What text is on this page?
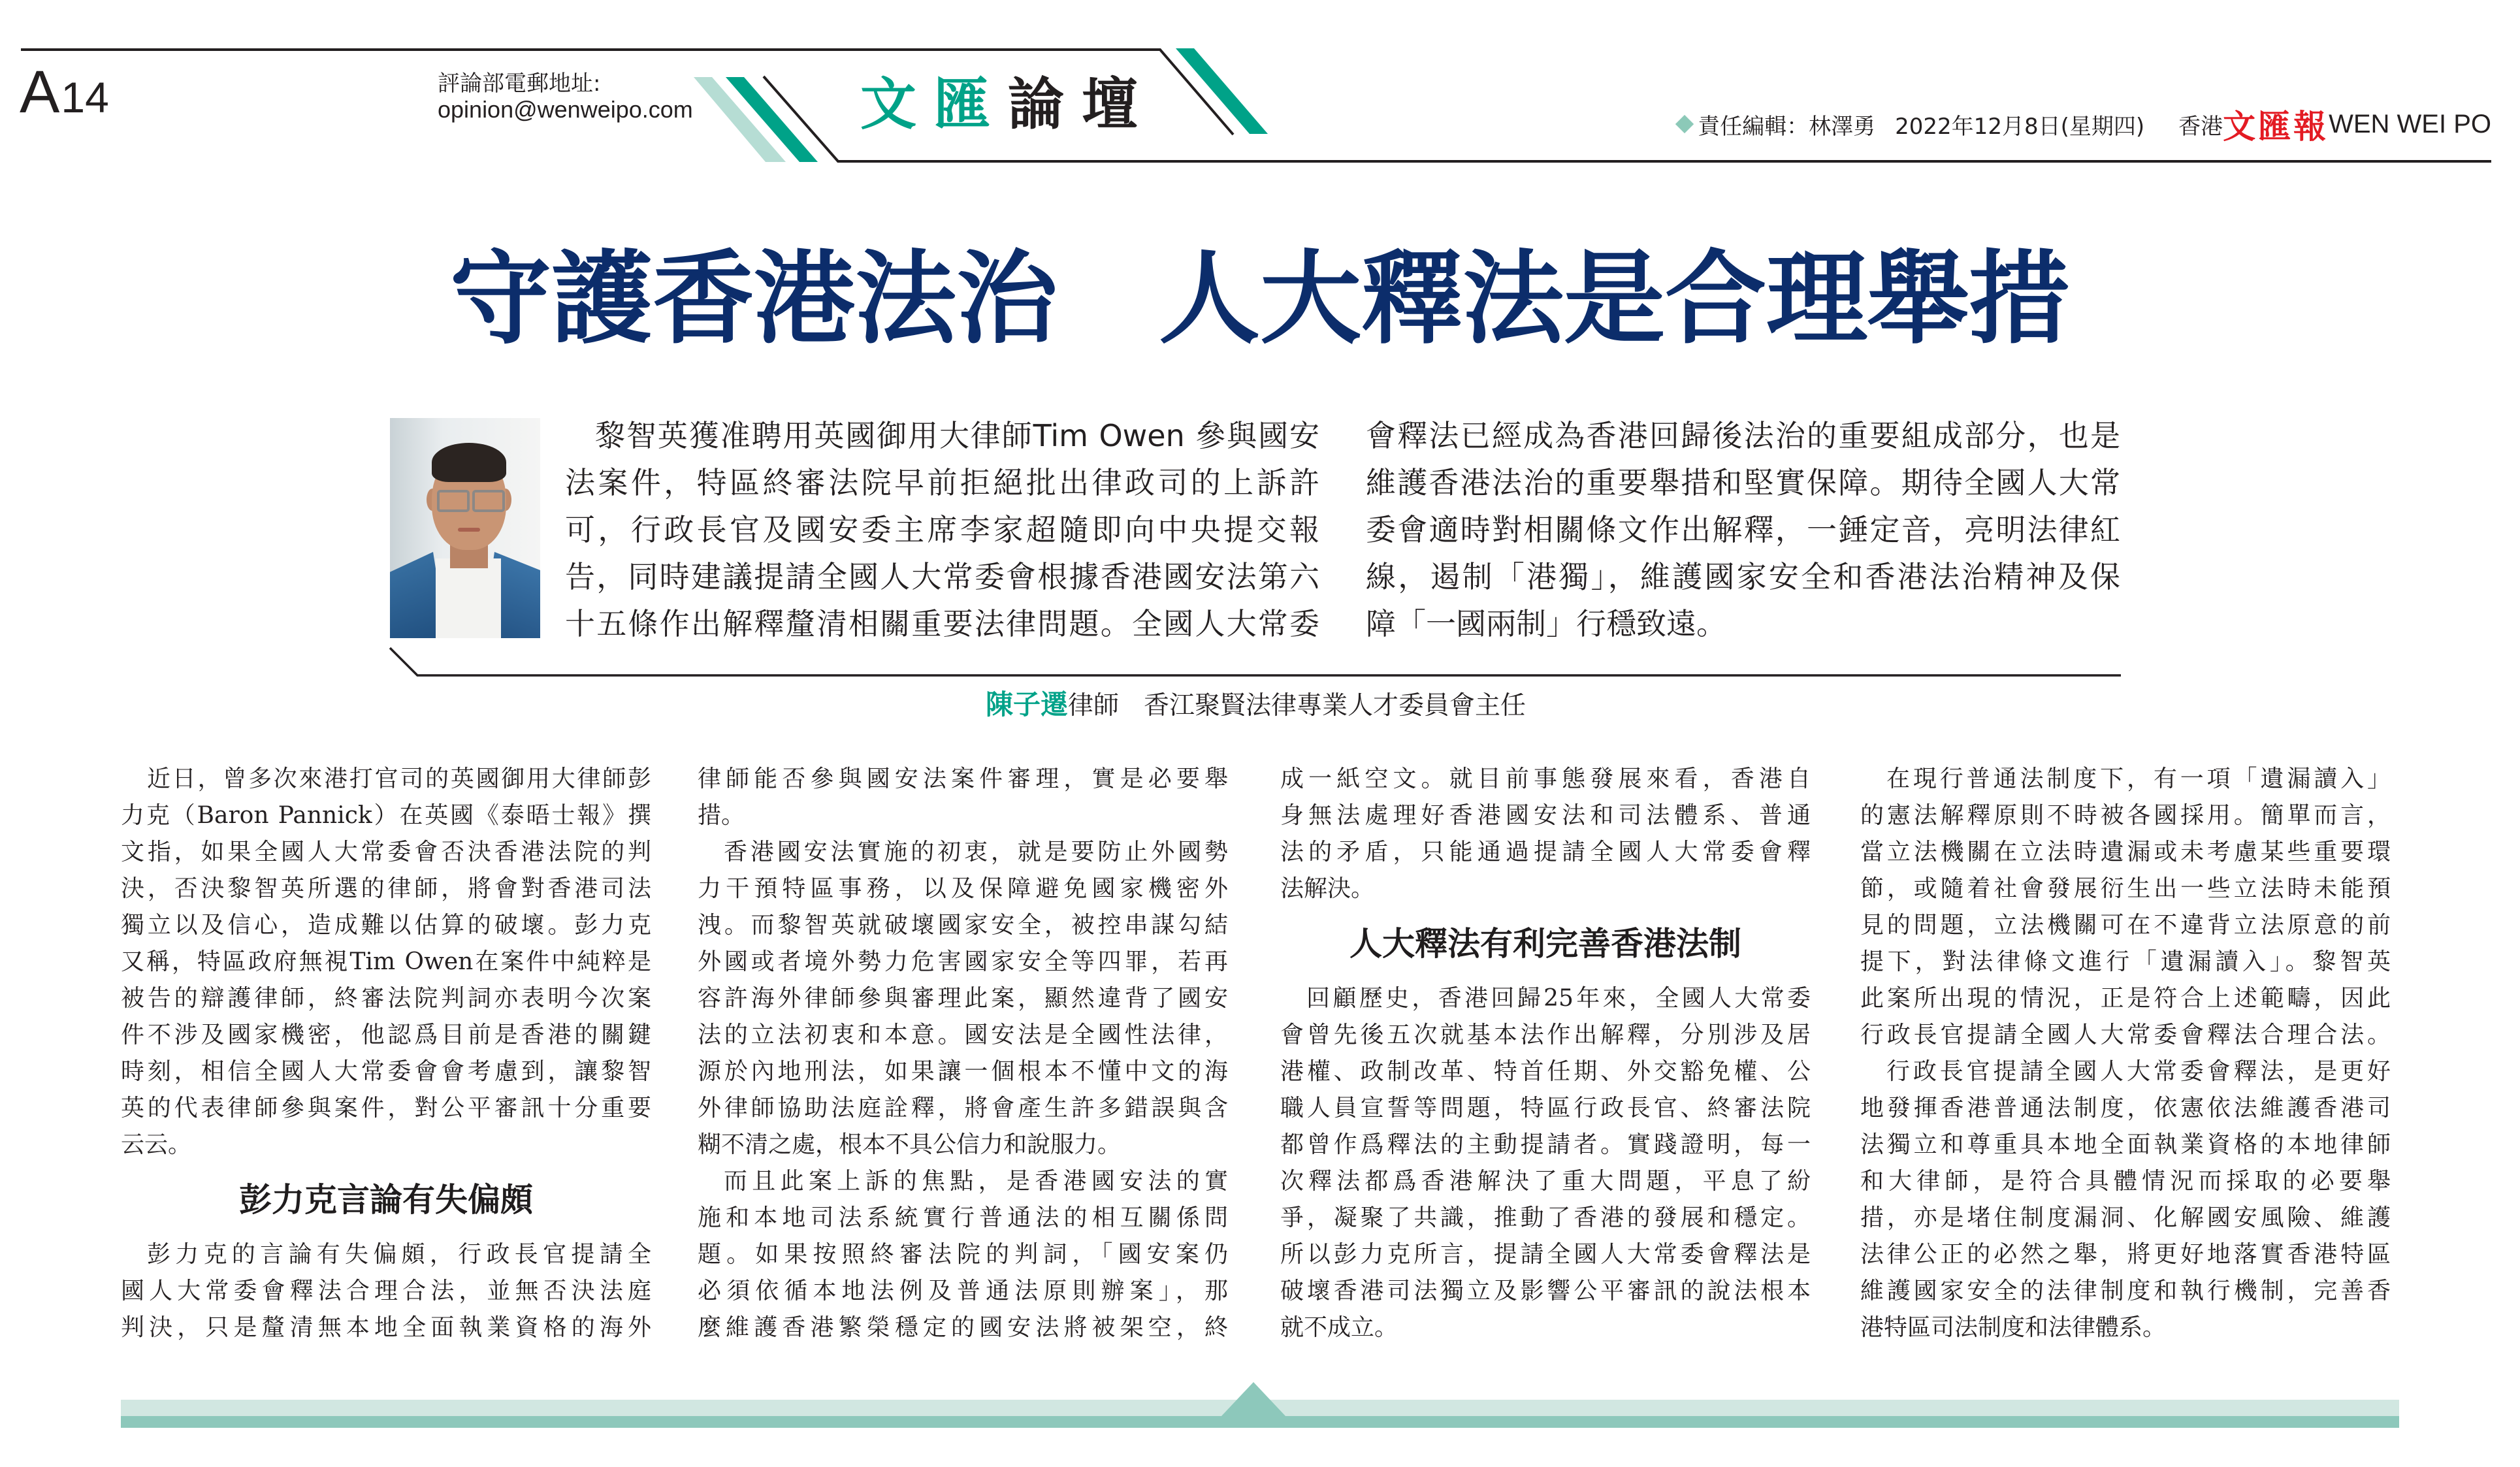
A 14	評論部電郵地址:
opinion@wenweipo.com	文匯論壇	責任編輯：林澤勇 2022年12月8日(星期四) 香港 文匯報 WEN WEI PO
守護香港法治 人大釋法是合理舉措
黎智英獲准聘用英國御用大律師Tim Owen 參與國安
法案件，特區終審法院早前拒絕批出律政司的上訴許
可，行政長官及國安委主席李家超隨即向中央提交報
告，同時建議提請全國人大常委會根據香港國安法第六
十五條作出解釋釐清相關重要法律問題。全國人大常委
會釋法已經成為香港回歸後法治的重要組成部分，也是
維護香港法治的重要舉措和堅實保障。期待全國人大常
委會適時對相關條文作出解釋，一錘定音，亮明法律紅
線，遏制「港獨」，維護國家安全和香港法治精神及保
障「一國兩制」行穩致遠。
陳子遷律師 香江聚賢法律專業人才委員會主任
近日，曾多次來港打官司的英國御用大律師彭
力克（Baron Pannick）在英國《泰晤士報》撰
文指，如果全國人大常委會否決香港法院的判
決，否決黎智英所選的律師，將會對香港司法
獨立以及信心，造成難以估算的破壞。彭力克
又稱，特區政府無視Tim Owen在案件中純粹是
被告的辯護律師，終審法院判詞亦表明今次案
件不涉及國家機密，他認爲目前是香港的關鍵
時刻，相信全國人大常委會會考慮到，讓黎智
英的代表律師參與案件，對公平審訊十分重要
云云。
彭力克言論有失偏頗
彭力克的言論有失偏頗，行政長官提請全
國人大常委會釋法合理合法，並無否決法庭
判決，只是釐清無本地全面執業資格的海外
律師能否參與國安法案件審理，實是必要舉
措。
香港國安法實施的初衷，就是要防止外國勢
力干預特區事務，以及保障避免國家機密外
洩。而黎智英就破壞國家安全，被控串謀勾結
外國或者境外勢力危害國家安全等四罪，若再
容許海外律師參與審理此案，顯然違背了國安
法的立法初衷和本意。國安法是全國性法律，
源於內地刑法，如果讓一個根本不懂中文的海
外律師協助法庭詮釋，將會產生許多錯誤與含
糊不清之處，根本不具公信力和說服力。
而且此案上訴的焦點，是香港國安法的實
施和本地司法系統實行普通法的相互關係問
題。如果按照終審法院的判詞，「國安案仍
必須依循本地法例及普通法原則辦案」，那
麼維護香港繁榮穩定的國安法將被架空，終
成一紙空文。就目前事態發展來看，香港自
身無法處理好香港國安法和司法體系、普通
法的矛盾，只能通過提請全國人大常委會釋
法解決。
人大釋法有利完善香港法制
回顧歷史，香港回歸25年來，全國人大常委
會曾先後五次就基本法作出解釋，分別涉及居
港權、政制改革、特首任期、外交豁免權、公
職人員宣誓等問題，特區行政長官、終審法院
都曾作爲釋法的主動提請者。實踐證明，每一
次釋法都爲香港解決了重大問題，平息了紛
爭，凝聚了共識，推動了香港的發展和穩定。
所以彭力克所言，提請全國人大常委會釋法是
破壞香港司法獨立及影響公平審訊的說法根本
就不成立。
在現行普通法制度下，有一項「遺漏讀入」
的憲法解釋原則不時被各國採用。簡單而言，
當立法機關在立法時遺漏或未考慮某些重要環
節，或隨着社會發展衍生出一些立法時未能預
見的問題，立法機關可在不違背立法原意的前
提下，對法律條文進行「遺漏讀入」。黎智英
此案所出現的情況，正是符合上述範疇，因此
行政長官提請全國人大常委會釋法合理合法。
行政長官提請全國人大常委會釋法，是更好
地發揮香港普通法制度，依憲依法維護香港司
法獨立和尊重具本地全面執業資格的本地律師
和大律師，是符合具體情況而採取的必要舉
措，亦是堵住制度漏洞、化解國安風險、維護
法律公正的必然之舉，將更好地落實香港特區
維護國家安全的法律制度和執行機制，完善香
港特區司法制度和法律體系。
